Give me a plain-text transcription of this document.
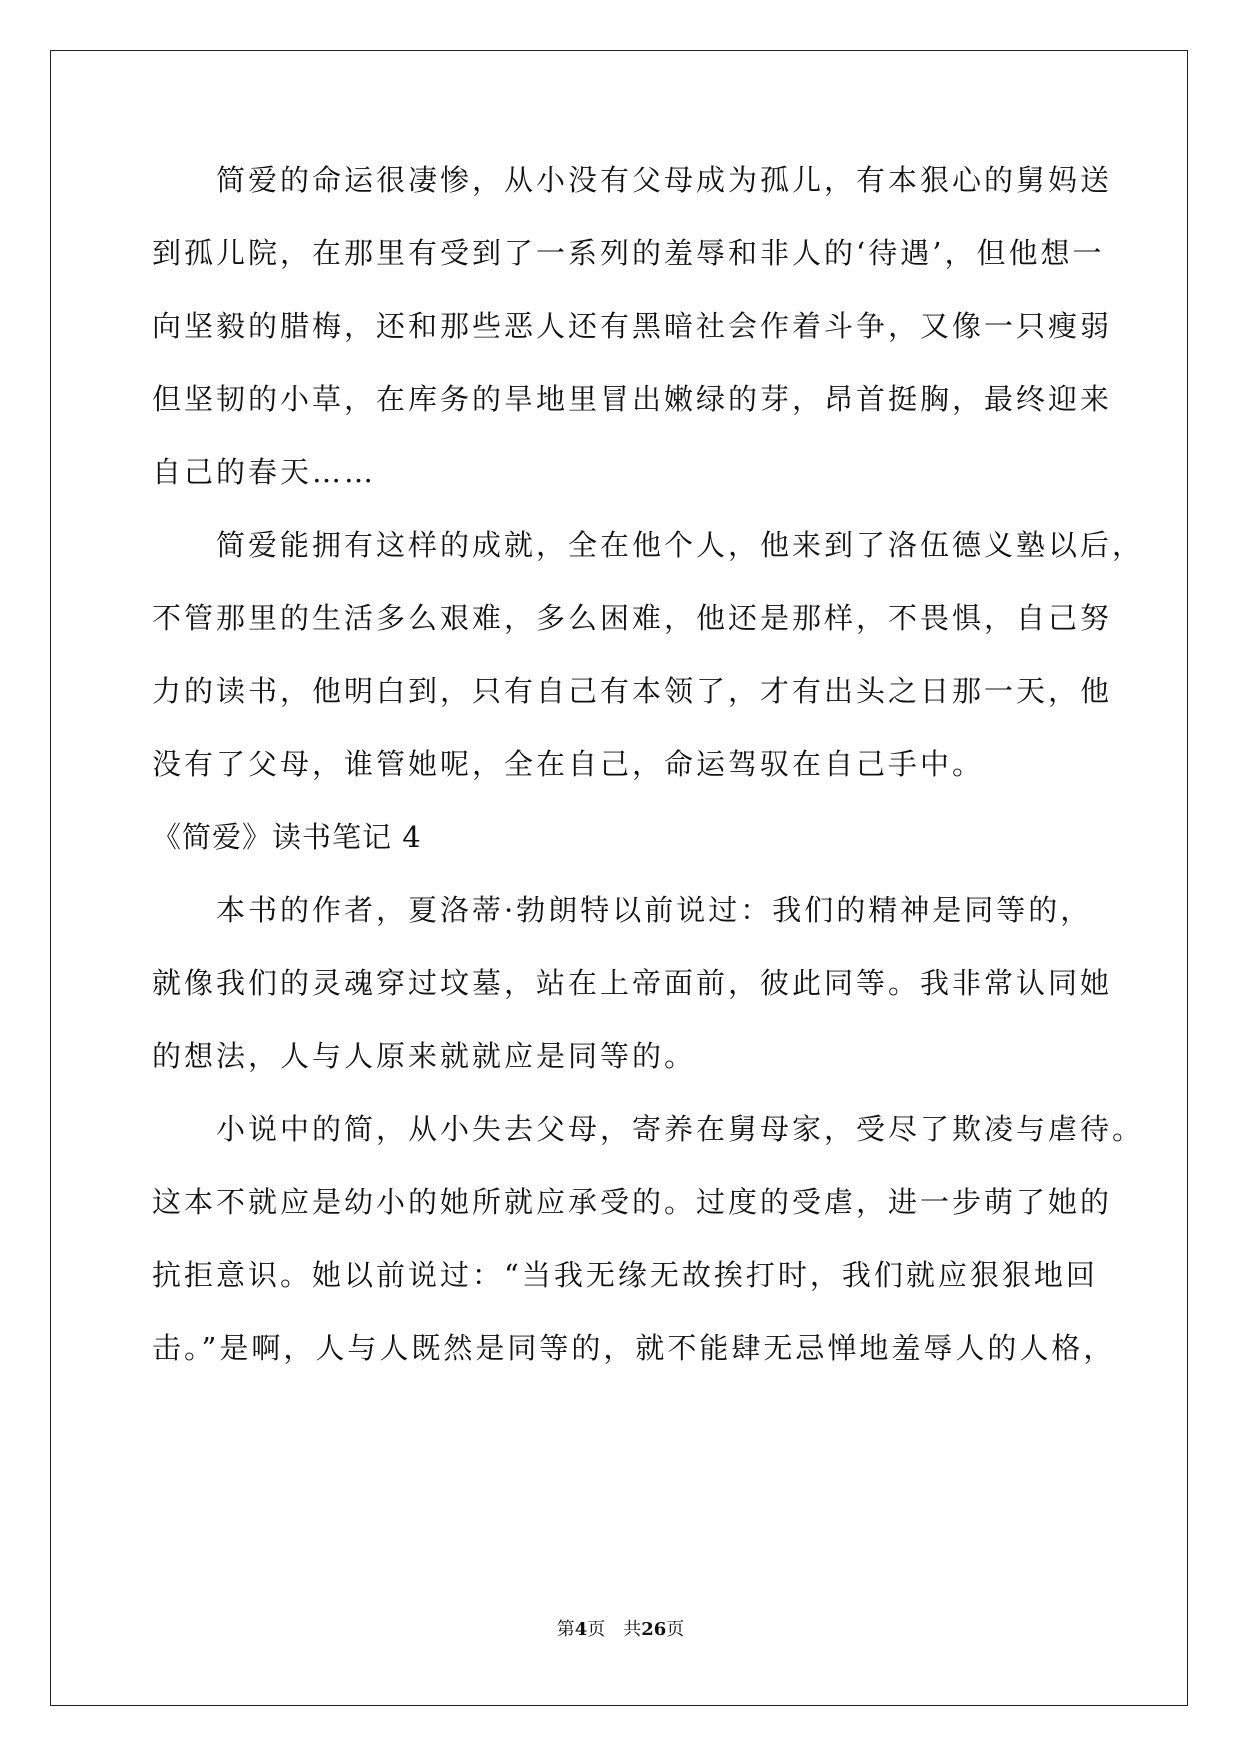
　　简爱的命运很凄惨，从小没有父母成为孤儿，有本狠心的舅妈送
到孤儿院，在那里有受到了一系列的羞辱和非人的‘待遇’，但他想一
向坚毅的腊梅，还和那些恶人还有黑暗社会作着斗争，又像一只瘦弱
但坚韧的小草，在库务的旱地里冒出嫩绿的芽，昂首挺胸，最终迎来
自己的春天……
　　简爱能拥有这样的成就，全在他个人，他来到了洛伍德义塾以后，
不管那里的生活多么艰难，多么困难，他还是那样，不畏惧，自己努
力的读书，他明白到，只有自己有本领了，才有出头之日那一天，他
没有了父母，谁管她呢，全在自己，命运驾驭在自己手中。
《简爱》读书笔记 4
　　本书的作者，夏洛蒂·勃朗特以前说过：我们的精神是同等的，
就像我们的灵魂穿过坟墓，站在上帝面前，彼此同等。我非常认同她
的想法，人与人原来就就应是同等的。
　　小说中的简，从小失去父母，寄养在舅母家，受尽了欺凌与虐待。
这本不就应是幼小的她所就应承受的。过度的受虐，进一步萌了她的
抗拒意识。她以前说过：“当我无缘无故挨打时，我们就应狠狠地回
击。”是啊，人与人既然是同等的，就不能肆无忌惮地羞辱人的人格，
第4页　共26页
